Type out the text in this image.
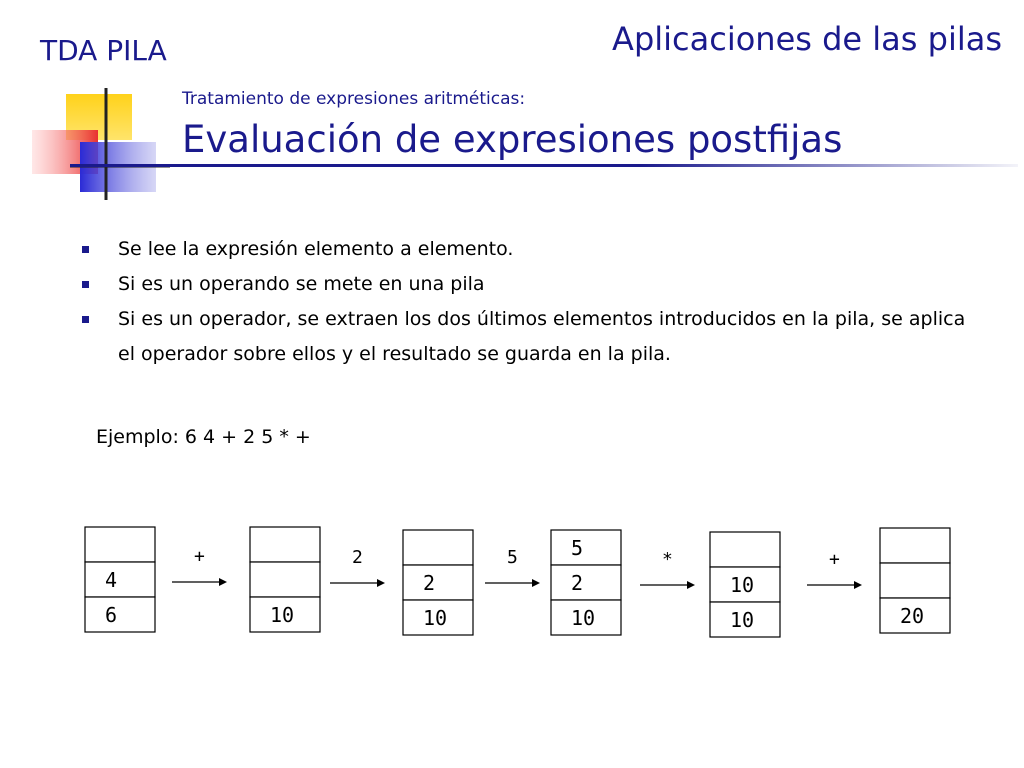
TDA PILA	Aplicaciones de las pilas
Tratamiento de expresiones aritméticas:
Evaluación de expresiones postfijas
Se lee la expresión elemento a elemento.
Si es un operando se mete en una pila
Si es un operador, se extraen los dos últimos elementos introducidos en la pila, se aplica el operador sobre ellos y el resultado se guarda en la pila.
Ejemplo: 6 4 + 2 5 * +
4
6	10
2
10
5
2
10
10
10	20
+	2	5	*	+
